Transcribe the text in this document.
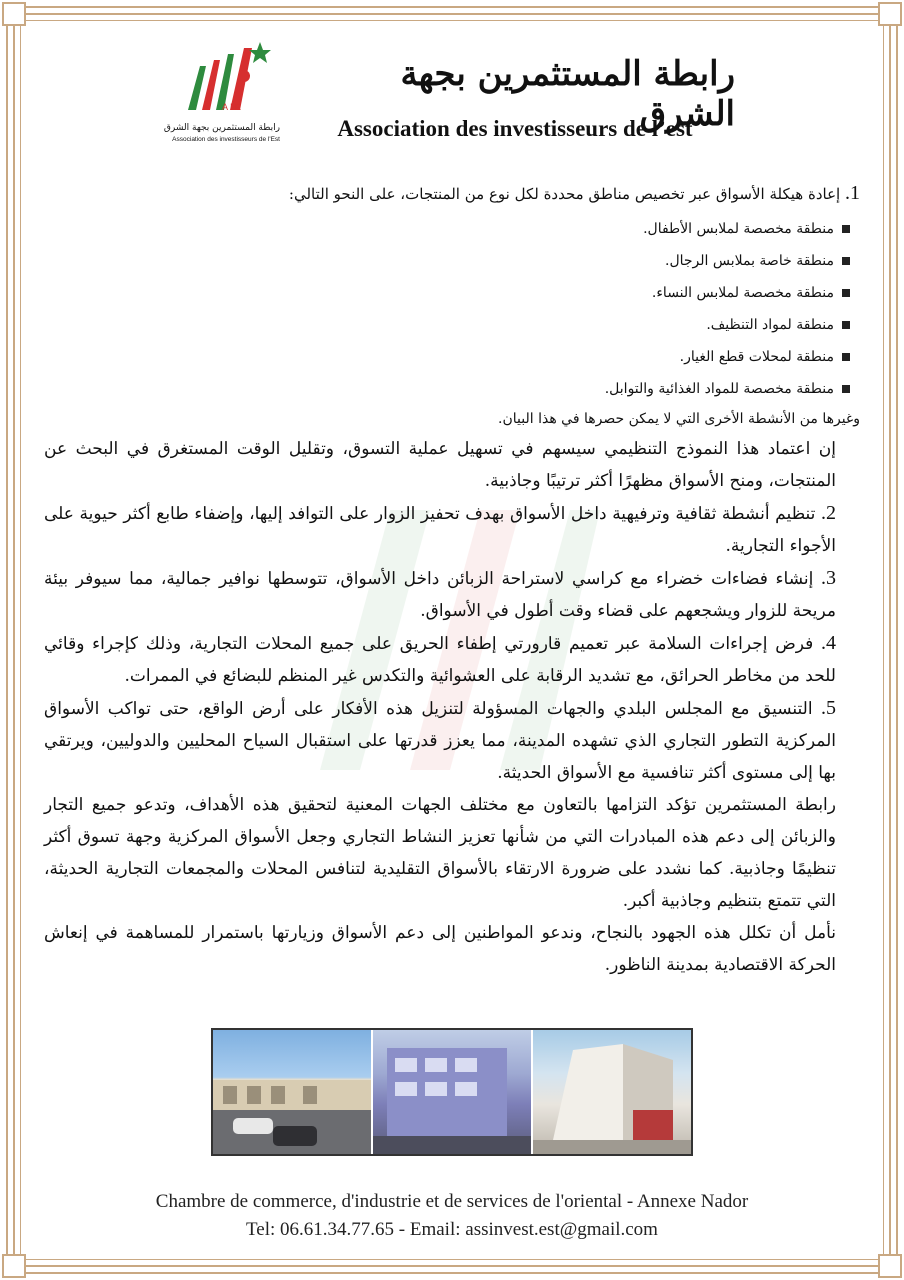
A I E
رابطة المستثمرين بجهة الشرق
Association des investisseurs de l'Est
رابطة المستثمرين بجهة الشرق
Association des investisseurs de l’est

1. إعادة هيكلة الأسواق عبر تخصيص مناطق محددة لكل نوع من المنتجات، على النحو التالي:

منطقة مخصصة لملابس الأطفال.
منطقة خاصة بملابس الرجال.
منطقة مخصصة لملابس النساء.
منطقة لمواد التنظيف.
منطقة لمحلات قطع الغيار.
منطقة مخصصة للمواد الغذائية والتوابل.

وغيرها من الأنشطة الأخرى التي لا يمكن حصرها في هذا البيان.

إن اعتماد هذا النموذج التنظيمي سيسهم في تسهيل عملية التسوق، وتقليل الوقت المستغرق في البحث عن المنتجات، ومنح الأسواق مظهرًا أكثر ترتيبًا وجاذبية.

2. تنظيم أنشطة ثقافية وترفيهية داخل الأسواق بهدف تحفيز الزوار على التوافد إليها، وإضفاء طابع أكثر حيوية على الأجواء التجارية.

3. إنشاء فضاءات خضراء مع كراسي لاستراحة الزبائن داخل الأسواق، تتوسطها نوافير جمالية، مما سيوفر بيئة مريحة للزوار ويشجعهم على قضاء وقت أطول في الأسواق.

4. فرض إجراءات السلامة عبر تعميم قارورتي إطفاء الحريق على جميع المحلات التجارية، وذلك كإجراء وقائي للحد من مخاطر الحرائق، مع تشديد الرقابة على العشوائية والتكدس غير المنظم للبضائع في الممرات.

5. التنسيق مع المجلس البلدي والجهات المسؤولة لتنزيل هذه الأفكار على أرض الواقع، حتى تواكب الأسواق المركزية التطور التجاري الذي تشهده المدينة، مما يعزز قدرتها على استقبال السياح المحليين والدوليين، ويرتقي بها إلى مستوى أكثر تنافسية مع الأسواق الحديثة.

رابطة المستثمرين تؤكد التزامها بالتعاون مع مختلف الجهات المعنية لتحقيق هذه الأهداف، وتدعو جميع التجار والزبائن إلى دعم هذه المبادرات التي من شأنها تعزيز النشاط التجاري وجعل الأسواق المركزية وجهة تسوق أكثر تنظيمًا وجاذبية. كما نشدد على ضرورة الارتقاء بالأسواق التقليدية لتنافس المحلات والمجمعات التجارية الحديثة، التي تتمتع بتنظيم وجاذبية أكبر.

نأمل أن تكلل هذه الجهود بالنجاح، وندعو المواطنين إلى دعم الأسواق وزيارتها باستمرار للمساهمة في إنعاش الحركة الاقتصادية بمدينة الناظور.

Chambre de commerce, d'industrie et de services de l'oriental - Annexe Nador
Tel: 06.61.34.77.65 - Email: assinvest.est@gmail.com
